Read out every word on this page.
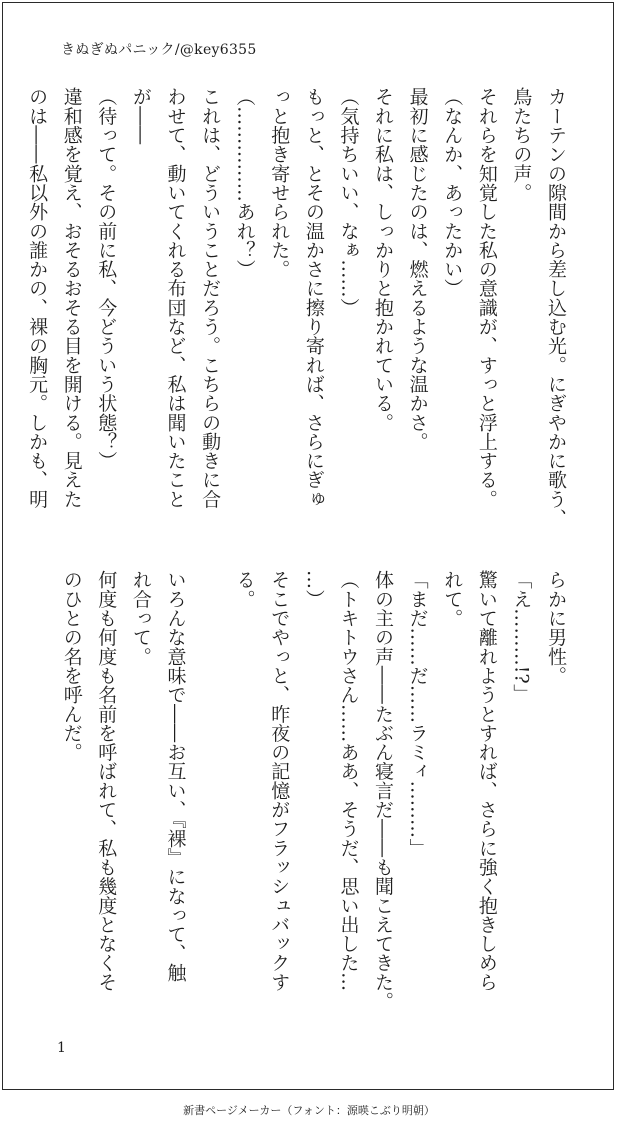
きぬぎぬパニック/@key6355
カーテンの隙間から差し込む光。にぎやかに歌う、
鳥たちの声。
それらを知覚した私の意識が、すっと浮上する。
（なんか、あったかい）
最初に感じたのは、燃えるような温かさ。
それに私は、しっかりと抱かれている。
（気持ちいい、なぁ……）
もっと、とその温かさに擦り寄れば、さらにぎゅ
っと抱き寄せられた。
（……………あれ？）
これは、どういうことだろう。こちらの動きに合
わせて、動いてくれる布団など、私は聞いたこと
が――
（待って。その前に私、今どういう状態？）
違和感を覚え、おそるおそる目を開ける。見えた
のは――私以外の誰かの、裸の胸元。しかも、明
らかに男性。
「え………!?」
驚いて離れようとすれば、さらに強く抱きしめら
れて。
「まだ……だ……ラミィ………」
体の主の声――たぶん寝言だ――も聞こえてきた。
（トキトウさん……ああ、そうだ、思い出した…
…）
そこでやっと、昨夜の記憶がフラッシュバックす
る。

いろんな意味で――お互い、『裸』になって、触
れ合って。
何度も何度も名前を呼ばれて、私も幾度となくそ
のひとの名を呼んだ。
1
新書ページメーカー（フォント：源暎こぶり明朝）
